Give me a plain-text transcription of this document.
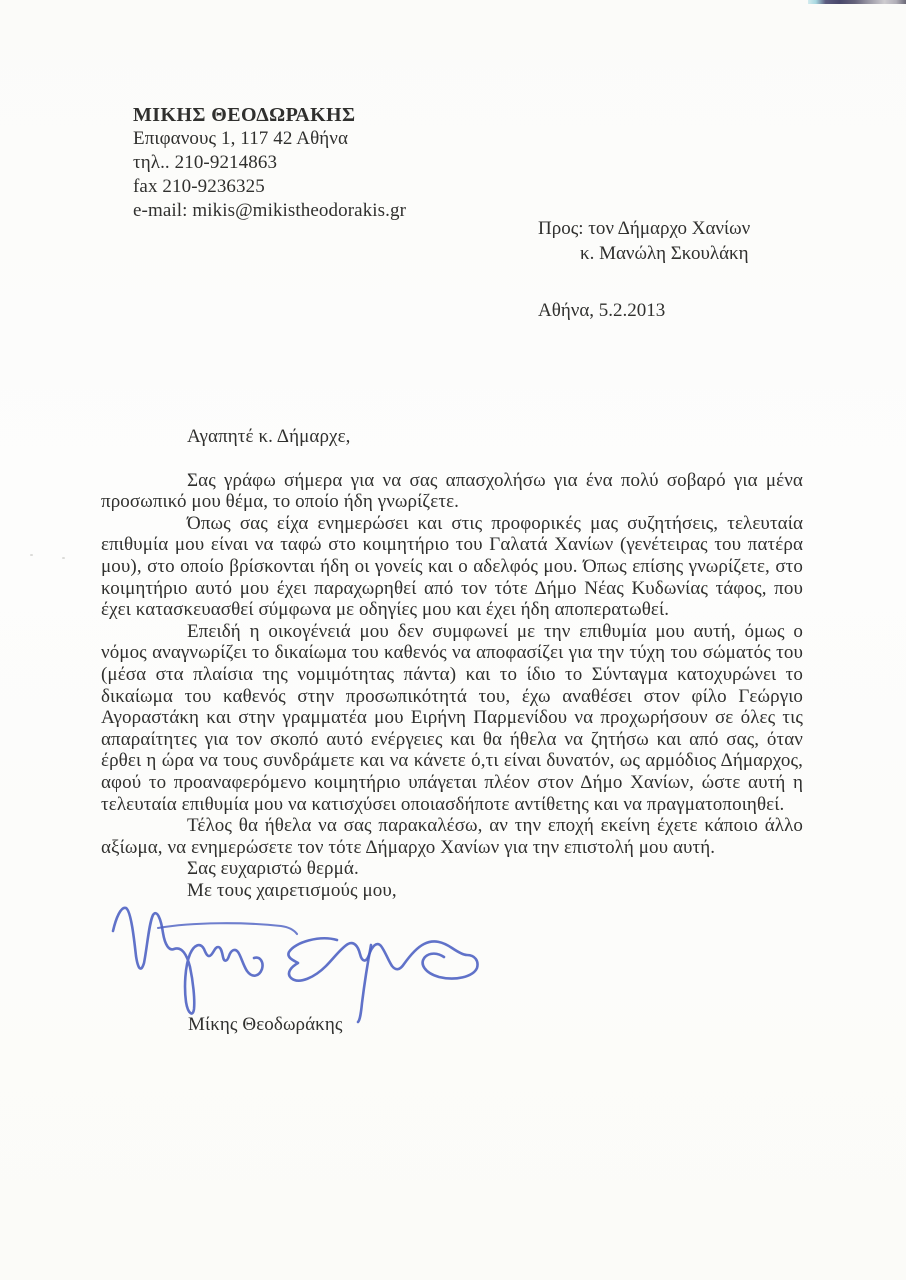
ΜΙΚΗΣ ΘΕΟΔΩΡΑΚΗΣ
Επιφανους 1, 117 42 Αθήνα
τηλ.. 210-9214863
fax 210-9236325
e-mail: mikis@mikistheodorakis.gr
Προς: τον Δήμαρχο Χανίων
κ. Μανώλη Σκουλάκη
Αθήνα, 5.2.2013
Αγαπητέ κ. Δήμαρχε,

Σας γράφω σήμερα για να σας απασχολήσω για ένα πολύ σοβαρό για μένα προσωπικό μου θέμα, το οποίο ήδη γνωρίζετε.

Όπως σας είχα ενημερώσει και στις προφορικές μας συζητήσεις, τελευταία επιθυμία μου είναι να ταφώ στο κοιμητήριο του Γαλατά Χανίων (γενέτειρας του πατέρα μου), στο οποίο βρίσκονται ήδη οι γονείς και ο αδελφός μου. Όπως επίσης γνωρίζετε, στο κοιμητήριο αυτό μου έχει παραχωρηθεί από τον τότε Δήμο Νέας Κυδωνίας τάφος, που έχει κατασκευασθεί σύμφωνα με οδηγίες μου και έχει ήδη αποπερατωθεί.

Επειδή η οικογένειά μου δεν συμφωνεί με την επιθυμία μου αυτή, όμως ο νόμος αναγνωρίζει το δικαίωμα του καθενός να αποφασίζει για την τύχη του σώματός του (μέσα στα πλαίσια της νομιμότητας πάντα) και το ίδιο το Σύνταγμα κατοχυρώνει το δικαίωμα του καθενός στην προσωπικότητά του, έχω αναθέσει στον φίλο Γεώργιο Αγοραστάκη και στην γραμματέα μου Ειρήνη Παρμενίδου να προχωρήσουν σε όλες τις απαραίτητες για τον σκοπό αυτό ενέργειες και θα ήθελα να ζητήσω και από σας, όταν έρθει η ώρα να τους συνδράμετε και να κάνετε ό,τι είναι δυνατόν, ως αρμόδιος Δήμαρχος, αφού το προαναφερόμενο κοιμητήριο υπάγεται πλέον στον Δήμο Χανίων, ώστε αυτή η τελευταία επιθυμία μου να κατισχύσει οποιασδήποτε αντίθετης και να πραγματοποιηθεί.

Τέλος θα ήθελα να σας παρακαλέσω, αν την εποχή εκείνη έχετε κάποιο άλλο αξίωμα, να ενημερώσετε τον τότε Δήμαρχο Χανίων για την επιστολή μου αυτή.

Σας ευχαριστώ θερμά.

Με τους χαιρετισμούς μου,

Μίκης Θεοδωράκης
